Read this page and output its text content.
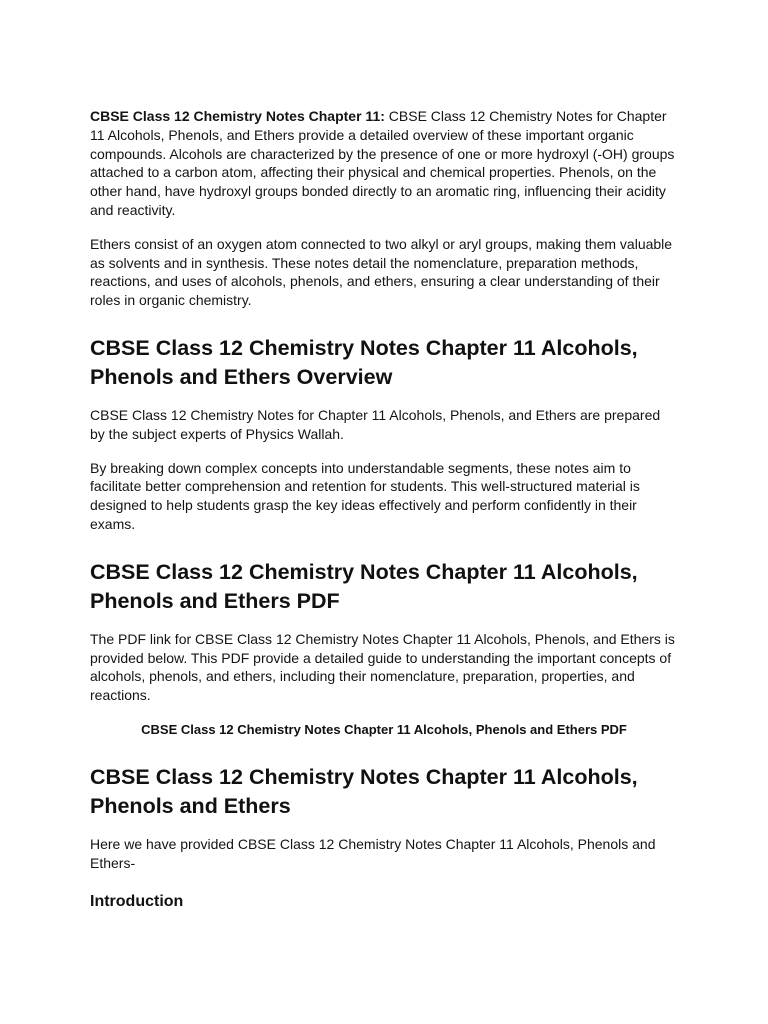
CBSE Class 12 Chemistry Notes Chapter 11: CBSE Class 12 Chemistry Notes for Chapter 11 Alcohols, Phenols, and Ethers provide a detailed overview of these important organic compounds. Alcohols are characterized by the presence of one or more hydroxyl (-OH) groups attached to a carbon atom, affecting their physical and chemical properties. Phenols, on the other hand, have hydroxyl groups bonded directly to an aromatic ring, influencing their acidity and reactivity.

Ethers consist of an oxygen atom connected to two alkyl or aryl groups, making them valuable as solvents and in synthesis. These notes detail the nomenclature, preparation methods, reactions, and uses of alcohols, phenols, and ethers, ensuring a clear understanding of their roles in organic chemistry.

CBSE Class 12 Chemistry Notes Chapter 11 Alcohols, Phenols and Ethers Overview

CBSE Class 12 Chemistry Notes for Chapter 11 Alcohols, Phenols, and Ethers are prepared by the subject experts of Physics Wallah.

By breaking down complex concepts into understandable segments, these notes aim to facilitate better comprehension and retention for students. This well-structured material is designed to help students grasp the key ideas effectively and perform confidently in their exams.

CBSE Class 12 Chemistry Notes Chapter 11 Alcohols, Phenols and Ethers PDF

The PDF link for CBSE Class 12 Chemistry Notes Chapter 11 Alcohols, Phenols, and Ethers is provided below. This PDF provide a detailed guide to understanding the important concepts of alcohols, phenols, and ethers, including their nomenclature, preparation, properties, and reactions.

CBSE Class 12 Chemistry Notes Chapter 11 Alcohols, Phenols and Ethers PDF
CBSE Class 12 Chemistry Notes Chapter 11 Alcohols, Phenols and Ethers

Here we have provided CBSE Class 12 Chemistry Notes Chapter 11 Alcohols, Phenols and Ethers-

Introduction
